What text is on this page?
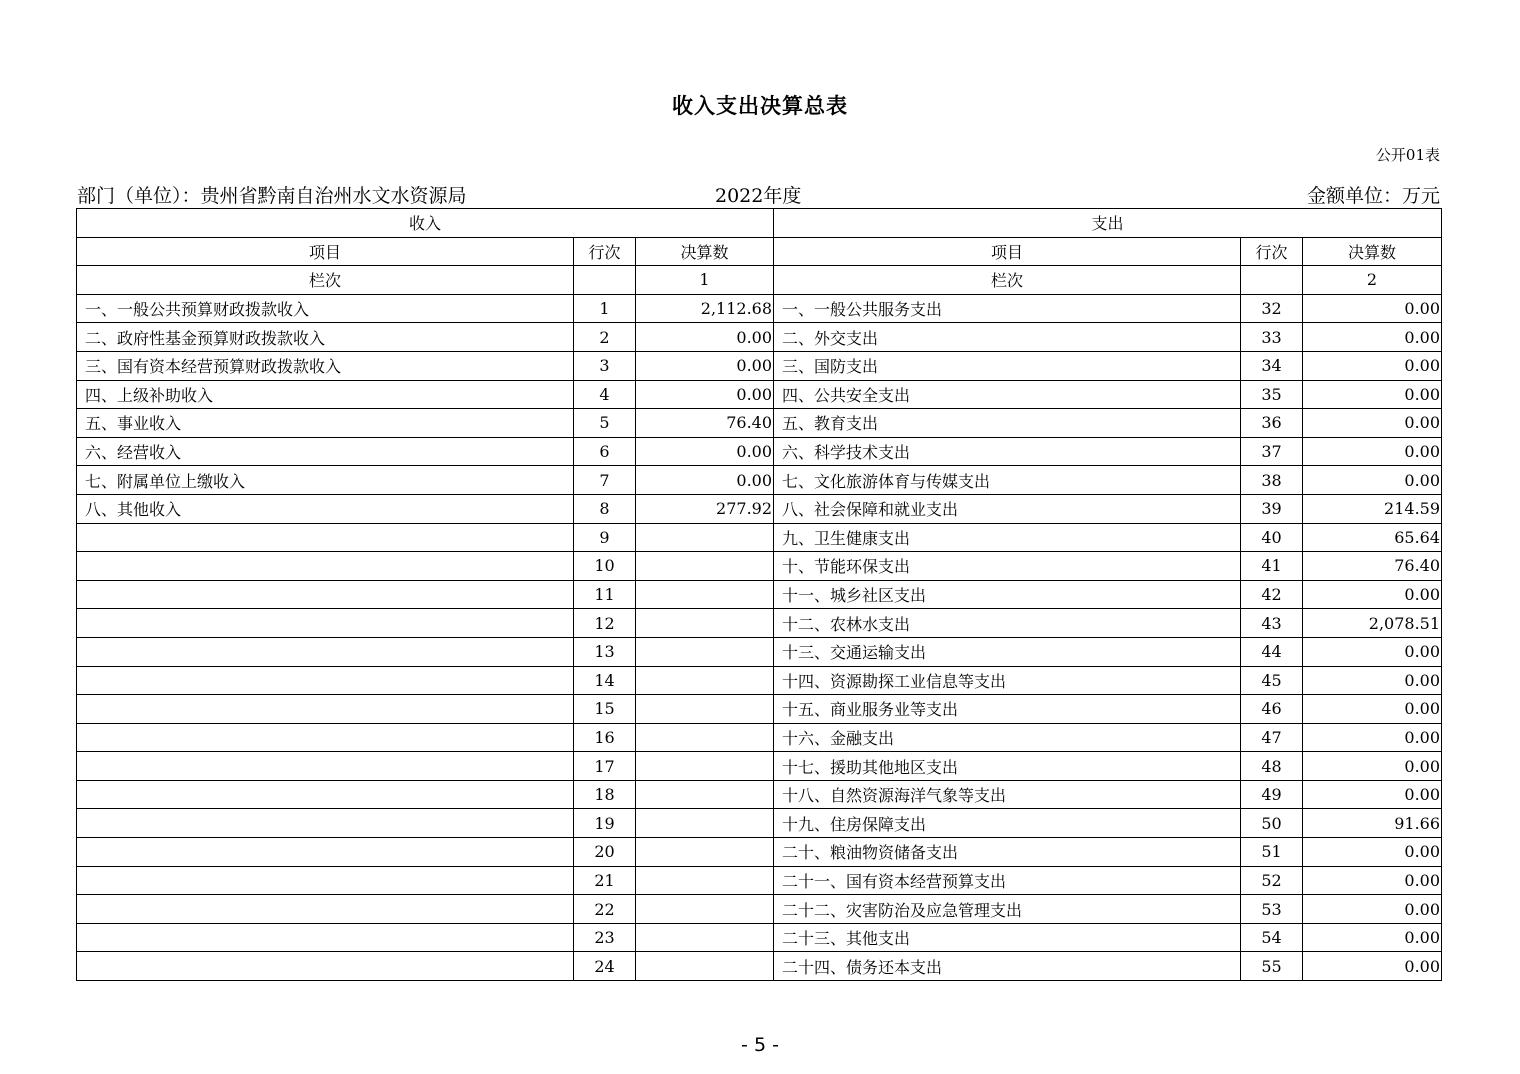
收入支出决算总表
公开01表
部门（单位）：贵州省黔南自治州水文水资源局	2022年度	金额单位：万元
收入			支出		
项目	行次	决算数	项目	行次	决算数
栏次		1	栏次		2
一、一般公共预算财政拨款收入	1	2,112.68	一、一般公共服务支出	32	0.00
二、政府性基金预算财政拨款收入	2	0.00	二、外交支出	33	0.00
三、国有资本经营预算财政拨款收入	3	0.00	三、国防支出	34	0.00
四、上级补助收入	4	0.00	四、公共安全支出	35	0.00
五、事业收入	5	76.40	五、教育支出	36	0.00
六、经营收入	6	0.00	六、科学技术支出	37	0.00
七、附属单位上缴收入	7	0.00	七、文化旅游体育与传媒支出	38	0.00
八、其他收入	8	277.92	八、社会保障和就业支出	39	214.59
	9		九、卫生健康支出	40	65.64
	10		十、节能环保支出	41	76.40
	11		十一、城乡社区支出	42	0.00
	12		十二、农林水支出	43	2,078.51
	13		十三、交通运输支出	44	0.00
	14		十四、资源勘探工业信息等支出	45	0.00
	15		十五、商业服务业等支出	46	0.00
	16		十六、金融支出	47	0.00
	17		十七、援助其他地区支出	48	0.00
	18		十八、自然资源海洋气象等支出	49	0.00
	19		十九、住房保障支出	50	91.66
	20		二十、粮油物资储备支出	51	0.00
	21		二十一、国有资本经营预算支出	52	0.00
	22		二十二、灾害防治及应急管理支出	53	0.00
	23		二十三、其他支出	54	0.00
	24		二十四、债务还本支出	55	0.00
- 5 -
